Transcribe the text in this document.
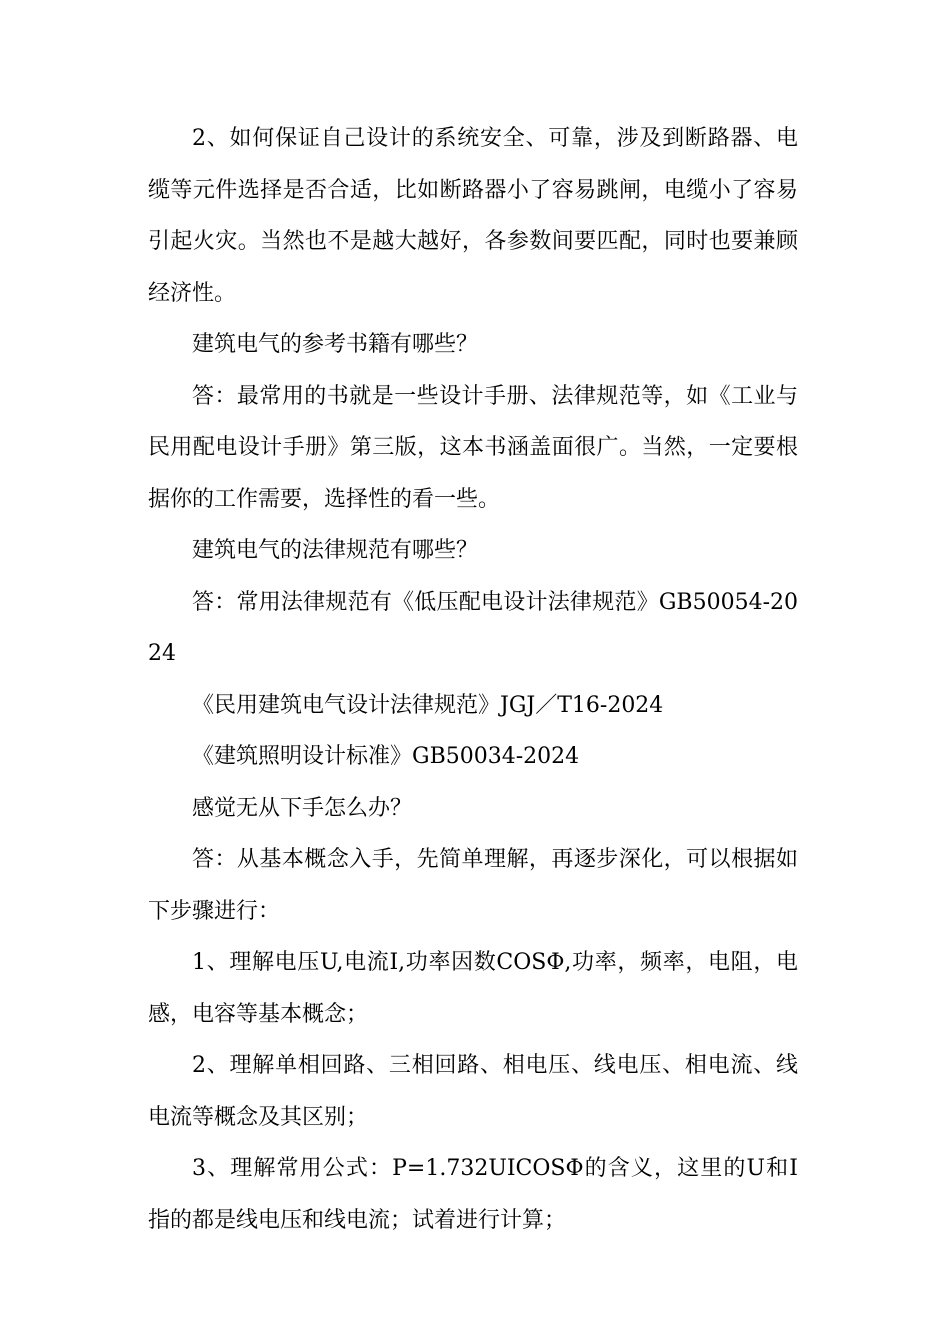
2、如何保证自己设计的系统安全、可靠，涉及到断路器、电缆等元件选择是否合适，比如断路器小了容易跳闸，电缆小了容易引起火灾。当然也不是越大越好，各参数间要匹配，同时也要兼顾经济性。

建筑电气的参考书籍有哪些？

答：最常用的书就是一些设计手册、法律规范等，如《工业与民用配电设计手册》第三版，这本书涵盖面很广。当然，一定要根据你的工作需要，选择性的看一些。

建筑电气的法律规范有哪些？

答：常用法律规范有《低压配电设计法律规范》GB50054-2024

《民用建筑电气设计法律规范》JGJ／T16-2024

《建筑照明设计标准》GB50034-2024

感觉无从下手怎么办？

答：从基本概念入手，先简单理解，再逐步深化，可以根据如下步骤进行：

1、理解电压U,电流I,功率因数COSΦ,功率，频率，电阻，电感，电容等基本概念；

2、理解单相回路、三相回路、相电压、线电压、相电流、线电流等概念及其区别；

3、理解常用公式：P=1.732UICOSΦ的含义，这里的U和I指的都是线电压和线电流；试着进行计算；
